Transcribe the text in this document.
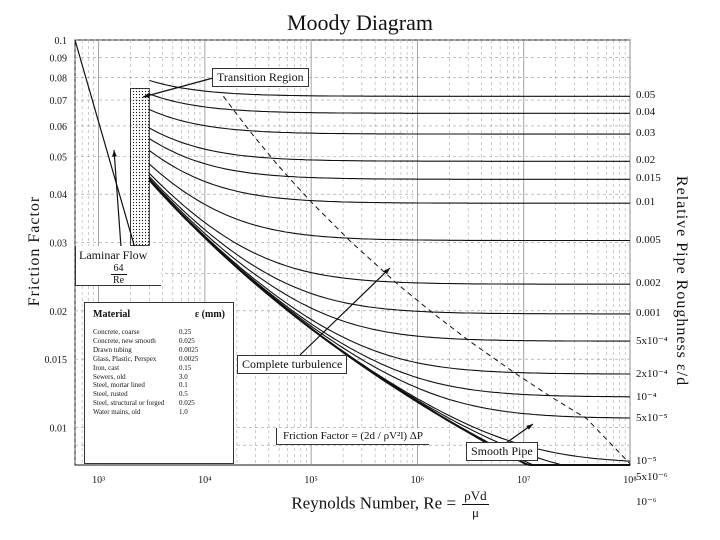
Moody Diagram
0.1
0.09
0.08
0.07
0.06
0.05
0.04
0.03
0.02
0.015
0.01
10³	10⁴	10⁵	10⁶	10⁷	10⁸
Friction Factor	Relative Pipe Roughness ε/d
Reynolds Number, $Re = \frac{\text{ρVd}}{\mu}$
Transition Region
Laminar Flow
64
Re
Complete turbulence
Smooth Pipe
Friction Factor = (2d / ρV²l) ΔP
Material	ε (mm)
Concrete, coarse	0.25
Concrete, new smooth	0.025
Drawn tubing	0.0025
Glass, Plastic, Perspex	0.0025
Iron, cast	0.15
Sewers, old	3.0
Steel, mortar lined	0.1
Steel, rusted	0.5
Steel, structural or forged 0.025
Water mains, old	1.0
0.05
0.04
0.03
0.02
0.015
0.01
0.005
0.002
0.001
5x10⁻⁴
2x10⁻⁴
10⁻⁴
5x10⁻⁵
10⁻⁵
5x10⁻⁶
10⁻⁶
